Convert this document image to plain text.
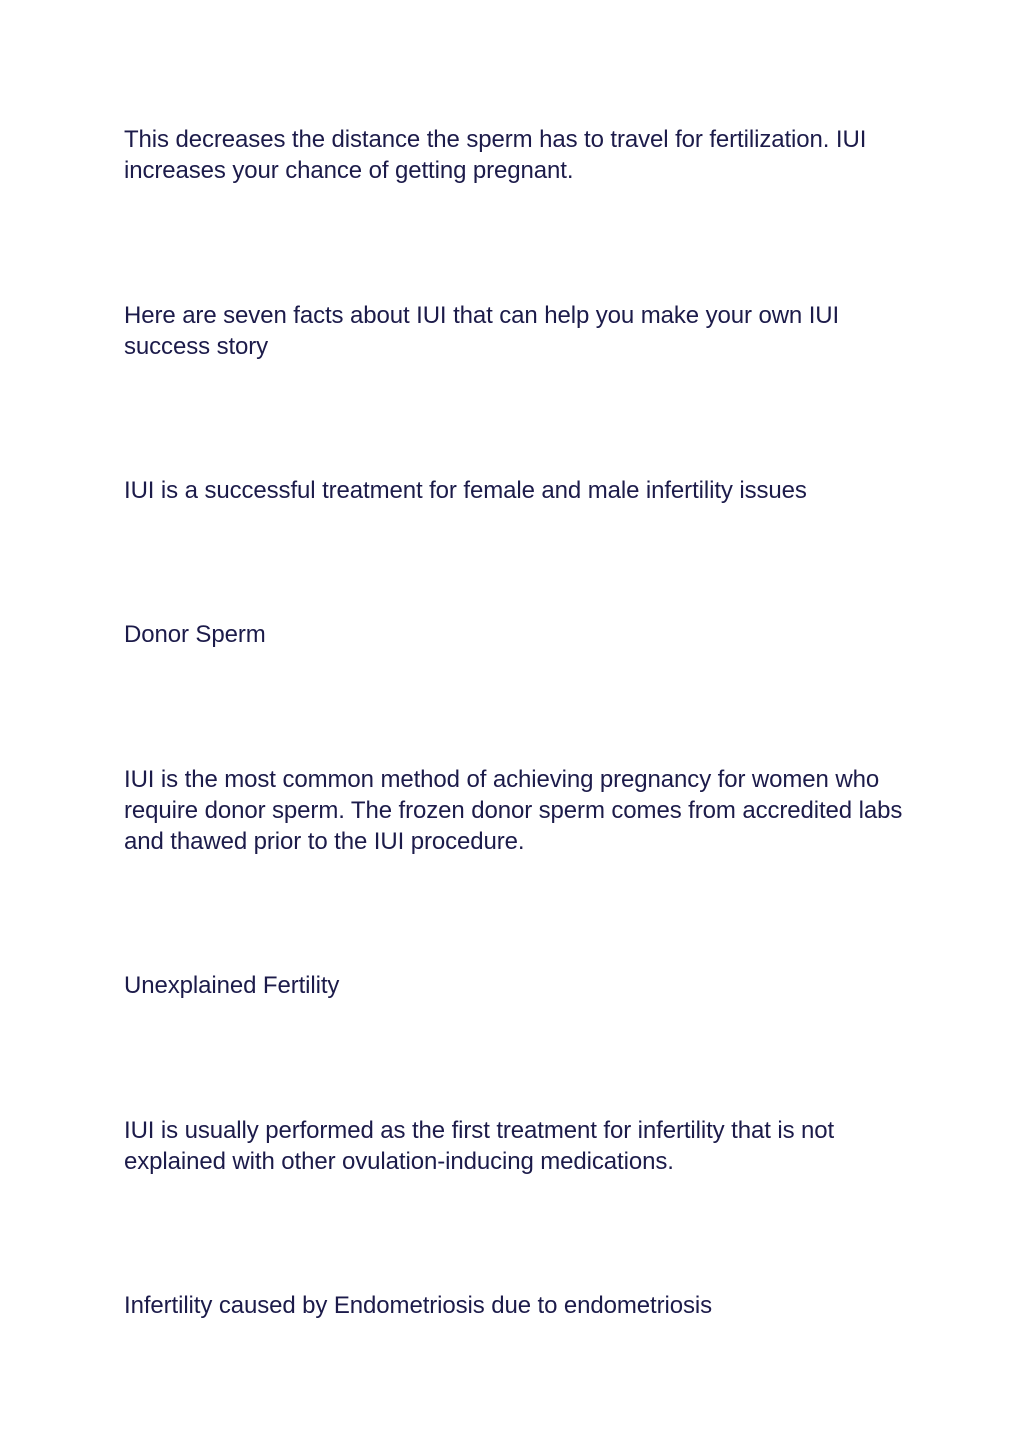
This decreases the distance the sperm has to travel for fertilization. IUI increases your chance of getting pregnant.

Here are seven facts about IUI that can help you make your own IUI success story

IUI is a successful treatment for female and male infertility issues

Donor Sperm

IUI is the most common method of achieving pregnancy for women who require donor sperm. The frozen donor sperm comes from accredited labs and thawed prior to the IUI procedure.

Unexplained Fertility

IUI is usually performed as the first treatment for infertility that is not explained with other ovulation-inducing medications.

Infertility caused by Endometriosis due to endometriosis
